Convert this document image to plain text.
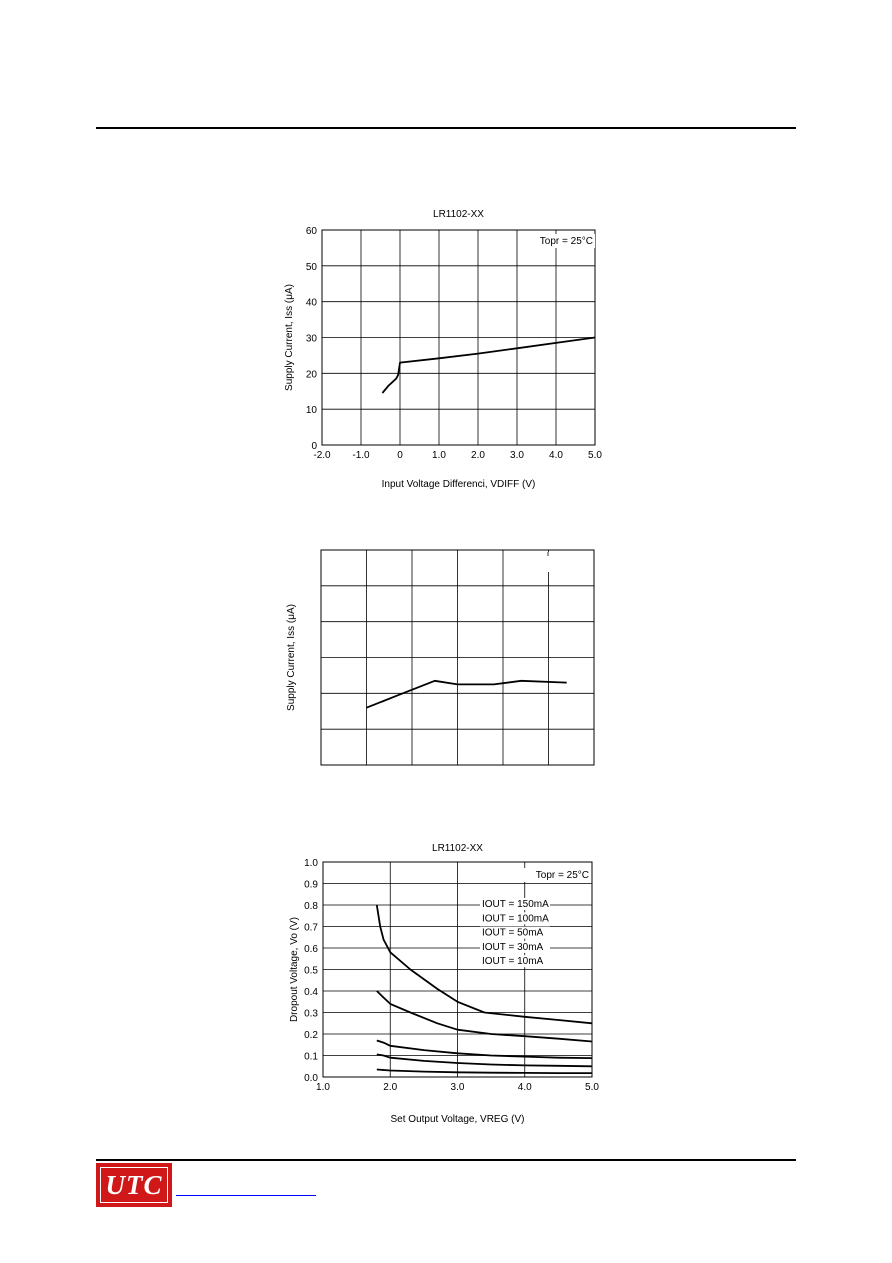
-2.0 -1.0	0	1.0	2.0	3.0	4.0	5.0
0
10
20
30
40
50
60
LR1102-XX
Input Voltage Differenci, VDIFF (V)
Supply Current, Iss (μA)
Topr = 25°C
Supply Current, Iss (μA)
1.0	2.0	3.0	4.0	5.0
0.0
0.1
0.2
0.3
0.4
0.5
0.6
0.7
0.8
0.9
1.0
LR1102-XX
Set Output Voltage, VREG (V)
Dropout Voltage, Vo (V)
Topr = 25°C
IOUT = 150mA
IOUT = 100mA
IOUT = 50mA
IOUT = 30mA
IOUT = 10mA
UTC
